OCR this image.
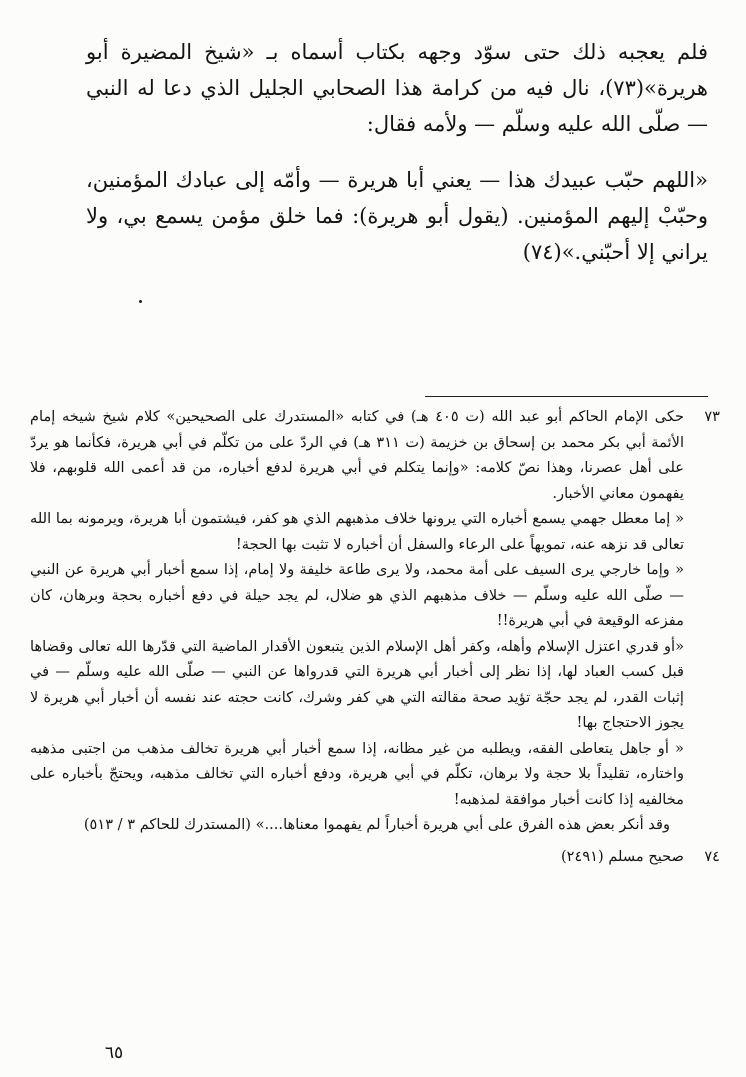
فلم يعجبه ذلك حتى سوّد وجهه بكتاب أسماه بـ «شيخ المضيرة أبو هريرة»(٧٣)، نال فيه من كرامة هذا الصحابي الجليل الذي دعا له النبي — صلّى الله عليه وسلّم — ولأمه فقال:

«اللهم حبّب عبيدك هذا — يعني أبا هريرة — وأمّه إلى عبادك المؤمنين، وحبّبْ إليهم المؤمنين. (يقول أبو هريرة): فما خلق مؤمن يسمع بي، ولا يراني إلا أحبّني.»(٧٤)

٧٣

حكى الإمام الحاكم أبو عبد الله (ت ٤٠٥ هـ) في كتابه «المستدرك على الصحيحين» كلام شيخ شيخه إمام الأئمة أبي بكر محمد بن إسحاق بن خزيمة (ت ٣١١ هـ) في الردّ على من تكلّم في أبي هريرة، فكأنما هو يردّ على أهل عصرنا، وهذا نصّ كلامه: «وإنما يتكلم في أبي هريرة لدفع أخباره، من قد أعمى الله قلوبهم، فلا يفهمون معاني الأخبار.

« إما معطل جهمي يسمع أخباره التي يرونها خلاف مذهبهم الذي هو كفر، فيشتمون أبا هريرة، ويرمونه بما الله تعالى قد نزهه عنه، تمويهاً على الرعاء والسفل أن أخباره لا تثبت بها الحجة!

« وإما خارجي يرى السيف على أمة محمد، ولا يرى طاعة خليفة ولا إمام، إذا سمع أخبار أبي هريرة عن النبي — صلّى الله عليه وسلّم — خلاف مذهبهم الذي هو ضلال، لم يجد حيلة في دفع أخباره بحجة وبرهان، كان مفزعه الوقيعة في أبي هريرة!!

«أو قدري اعتزل الإسلام وأهله، وكفر أهل الإسلام الذين يتبعون الأقدار الماضية التي قدّرها الله تعالى وقضاها قبل كسب العباد لها، إذا نظر إلى أخبار أبي هريرة التي قدرواها عن النبي — صلّى الله عليه وسلّم — في إثبات القدر، لم يجد حجّة تؤيد صحة مقالته التي هي كفر وشرك، كانت حجته عند نفسه أن أخبار أبي هريرة لا يجوز الاحتجاج بها!

« أو جاهل يتعاطى الفقه، ويطلبه من غير مظانه، إذا سمع أخبار أبي هريرة تخالف مذهب من اجتبى مذهبه واختاره، تقليداً بلا حجة ولا برهان، تكلّم في أبي هريرة، ودفع أخباره التي تخالف مذهبه، ويحتجّ بأخباره على مخالفيه إذا كانت أخبار موافقة لمذهبه!

وقد أنكر بعض هذه الفرق على أبي هريرة أخباراً لم يفهموا معناها....» (المستدرك للحاكم ٣ / ٥١٣)

٧٤

صحيح مسلم (٢٤٩١)

٦٥
